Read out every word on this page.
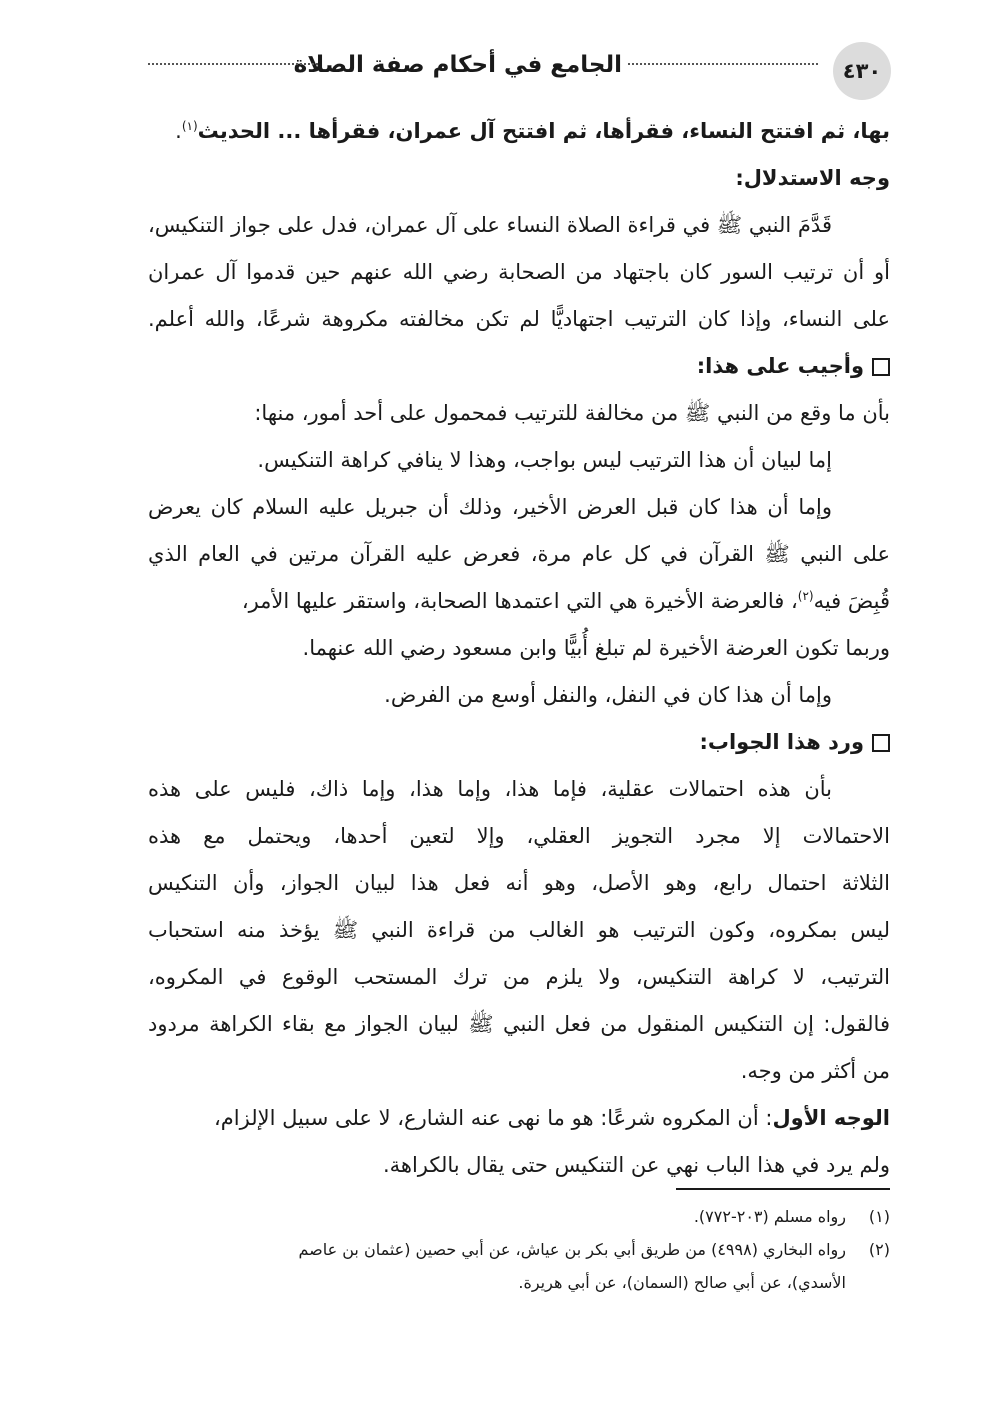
٤٣٠
الجامع في أحكام صفة الصلاة
بها، ثم افتتح النساء، فقرأها، ثم افتتح آل عمران، فقرأها ... الحديث$^{(١)}$.
وجه الاستدلال:
قَدَّمَ النبي ﷺ في قراءة الصلاة النساء على آل عمران، فدل على جواز التنكيس،
أو أن ترتيب السور كان باجتهاد من الصحابة رضي الله عنهم حين قدموا آل عمران
على النساء، وإذا كان الترتيب اجتهاديًّا لم تكن مخالفته مكروهة شرعًا، والله أعلم.
وأجيب على هذا:
بأن ما وقع من النبي ﷺ من مخالفة للترتيب فمحمول على أحد أمور، منها:
إما لبيان أن هذا الترتيب ليس بواجب، وهذا لا ينافي كراهة التنكيس.
وإما أن هذا كان قبل العرض الأخير، وذلك أن جبريل عليه السلام كان يعرض
على النبي ﷺ القرآن في كل عام مرة، فعرض عليه القرآن مرتين في العام الذي
قُبِضَ فيه$^{(٢)}$، فالعرضة الأخيرة هي التي اعتمدها الصحابة، واستقر عليها الأمر،
وربما تكون العرضة الأخيرة لم تبلغ أُبيًّا وابن مسعود رضي الله عنهما.
وإما أن هذا كان في النفل، والنفل أوسع من الفرض.
ورد هذا الجواب:
بأن هذه احتمالات عقلية، فإما هذا، وإما هذا، وإما ذاك، فليس على هذه
الاحتمالات إلا مجرد التجويز العقلي، وإلا لتعين أحدها، ويحتمل مع هذه
الثلاثة احتمال رابع، وهو الأصل، وهو أنه فعل هذا لبيان الجواز، وأن التنكيس
ليس بمكروه، وكون الترتيب هو الغالب من قراءة النبي ﷺ يؤخذ منه استحباب
الترتيب، لا كراهة التنكيس، ولا يلزم من ترك المستحب الوقوع في المكروه،
فالقول: إن التنكيس المنقول من فعل النبي ﷺ لبيان الجواز مع بقاء الكراهة مردود
من أكثر من وجه.
الوجه الأول: أن المكروه شرعًا: هو ما نهى عنه الشارع، لا على سبيل الإلزام،
ولم يرد في هذا الباب نهي عن التنكيس حتى يقال بالكراهة.
(١)رواه مسلم (٢٠٣-٧٧٢).
(٢)رواه البخاري (٤٩٩٨) من طريق أبي بكر بن عياش، عن أبي حصين (عثمان بن عاصم
الأسدي)، عن أبي صالح (السمان)، عن أبي هريرة.
